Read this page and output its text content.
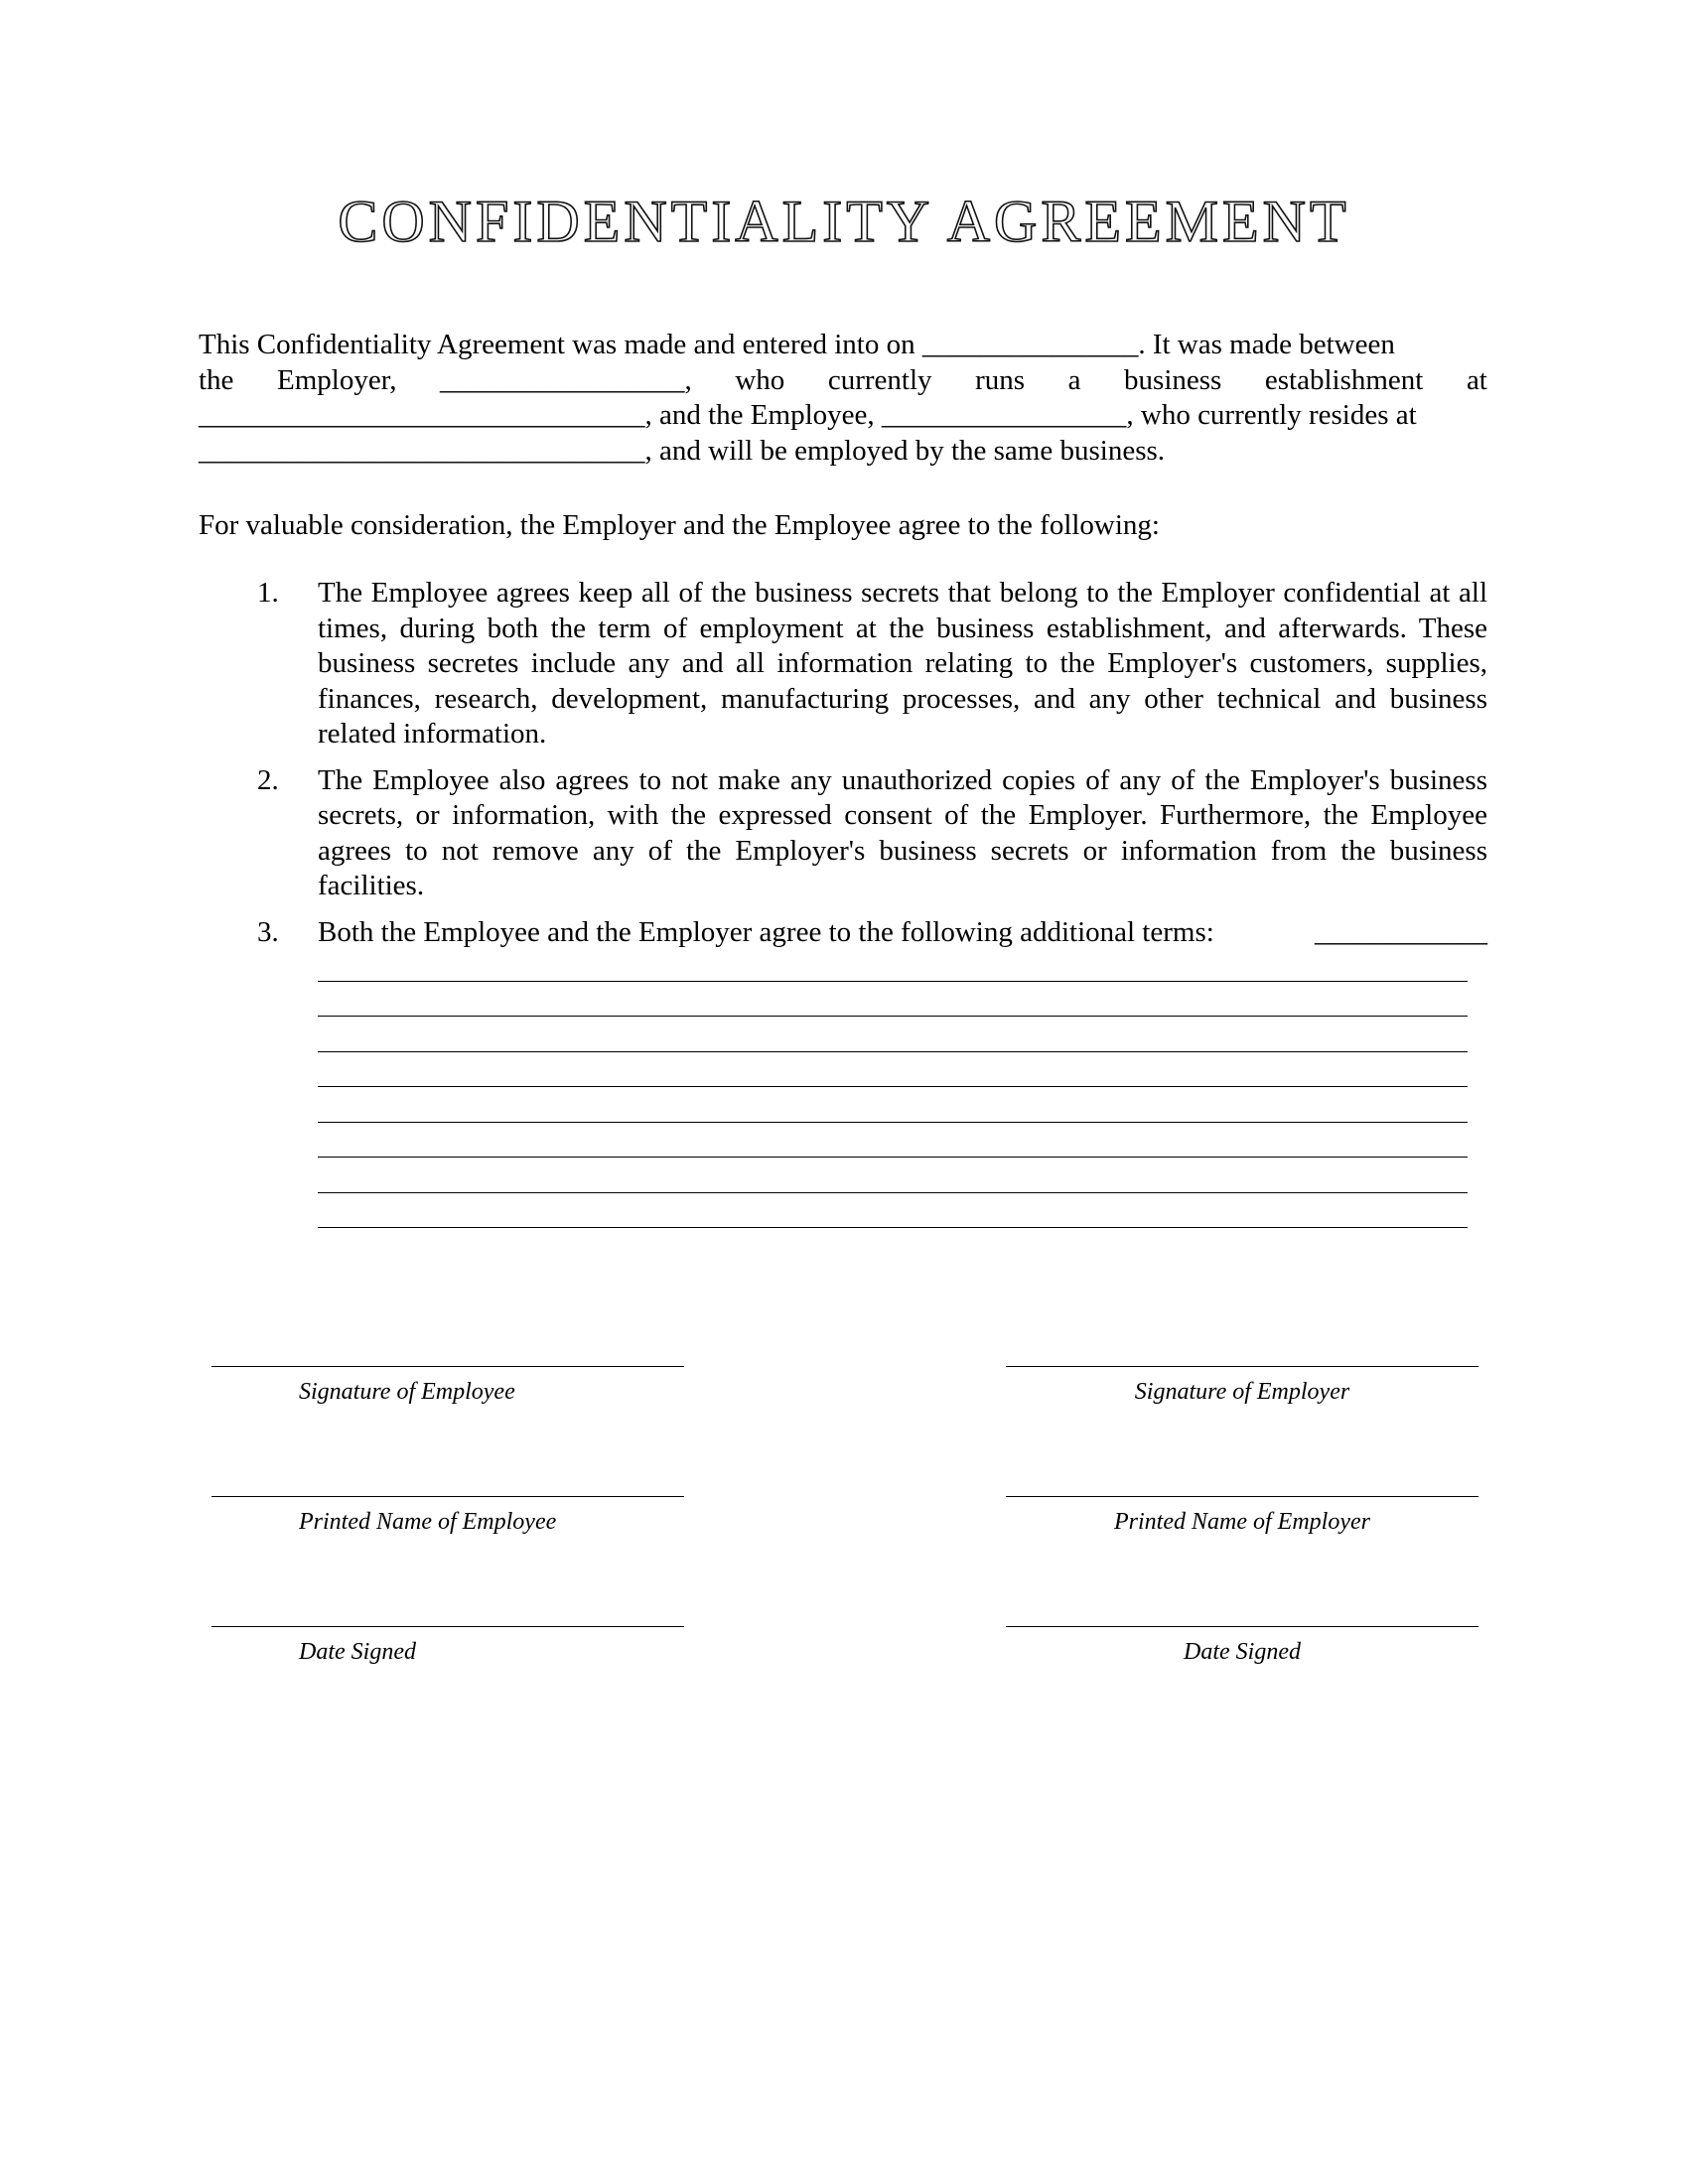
CONFIDENTIALITY AGREEMENT
This Confidentiality Agreement was made and entered into on _______________. It was made between
the Employer, _________________, who currently runs a business establishment at
_______________________________, and the Employee, _________________, who currently resides at
_______________________________, and will be employed by the same business.
For valuable consideration, the Employer and the Employee agree to the following:
1. The Employee agrees keep all of the business secrets that belong to the Employer confidential at all times, during both the term of employment at the business establishment, and afterwards. These business secretes include any and all information relating to the Employer's customers, supplies, finances, research, development, manufacturing processes, and any other technical and business related information.
2. The Employee also agrees to not make any unauthorized copies of any of the Employer's business secrets, or information, with the expressed consent of the Employer. Furthermore, the Employee agrees to not remove any of the Employer's business secrets or information from the business facilities.
3. Both the Employee and the Employer agree to the following additional terms:	____________
Signature of Employee	Signature of Employer
Printed Name of Employee	Printed Name of Employer
Date Signed	Date Signed
